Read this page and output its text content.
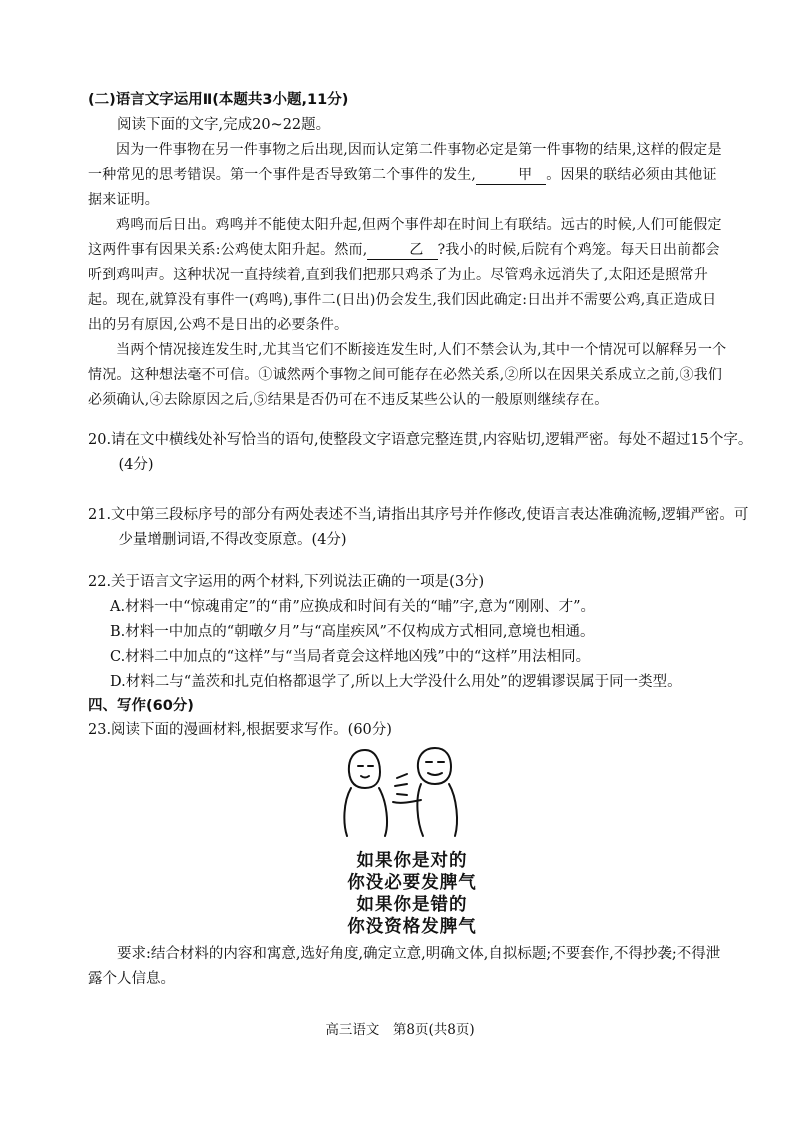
(二)语言文字运用Ⅱ(本题共3小题,11分)
阅读下面的文字,完成20~22题。
因为一件事物在另一件事物之后出现,因而认定第二件事物必定是第一件事物的结果,这样的假定是一种常见的思考错误。第一个事件是否导致第二个事件的发生,	甲 。因果的联结必须由其他证据来证明。
鸡鸣而后日出。鸡鸣并不能使太阳升起,但两个事件却在时间上有联结。远古的时候,人们可能假定这两件事有因果关系:公鸡使太阳升起。然而,	乙 ?我小的时候,后院有个鸡笼。每天日出前都会听到鸡叫声。这种状况一直持续着,直到我们把那只鸡杀了为止。尽管鸡永远消失了,太阳还是照常升起。现在,就算没有事件一(鸡鸣),事件二(日出)仍会发生,我们因此确定:日出并不需要公鸡,真正造成日出的另有原因,公鸡不是日出的必要条件。
当两个情况接连发生时,尤其当它们不断接连发生时,人们不禁会认为,其中一个情况可以解释另一个情况。这种想法毫不可信。①诚然两个事物之间可能存在必然关系,②所以在因果关系成立之前,③我们必须确认,④去除原因之后,⑤结果是否仍可在不违反某些公认的一般原则继续存在。
20.请在文中横线处补写恰当的语句,使整段文字语意完整连贯,内容贴切,逻辑严密。每处不超过15个字。(4分)
21.文中第三段标序号的部分有两处表述不当,请指出其序号并作修改,使语言表达准确流畅,逻辑严密。可少量增删词语,不得改变原意。(4分)
22.关于语言文字运用的两个材料,下列说法正确的一项是(3分)
A.材料一中“惊魂甫定”的“甫”应换成和时间有关的“晡”字,意为“刚刚、才”。
B.材料一中加点的“朝暾夕月”与“高崖疾风”不仅构成方式相同,意境也相通。
C.材料二中加点的“这样”与“当局者竟会这样地凶残”中的“这样”用法相同。
D.材料二与“盖茨和扎克伯格都退学了,所以上大学没什么用处”的逻辑谬误属于同一类型。
四、写作(60分)
23.阅读下面的漫画材料,根据要求写作。(60分)
如果你是对的
你没必要发脾气
如果你是错的
你没资格发脾气
要求:结合材料的内容和寓意,选好角度,确定立意,明确文体,自拟标题;不要套作,不得抄袭;不得泄露个人信息。
高三语文　第8页(共8页)
